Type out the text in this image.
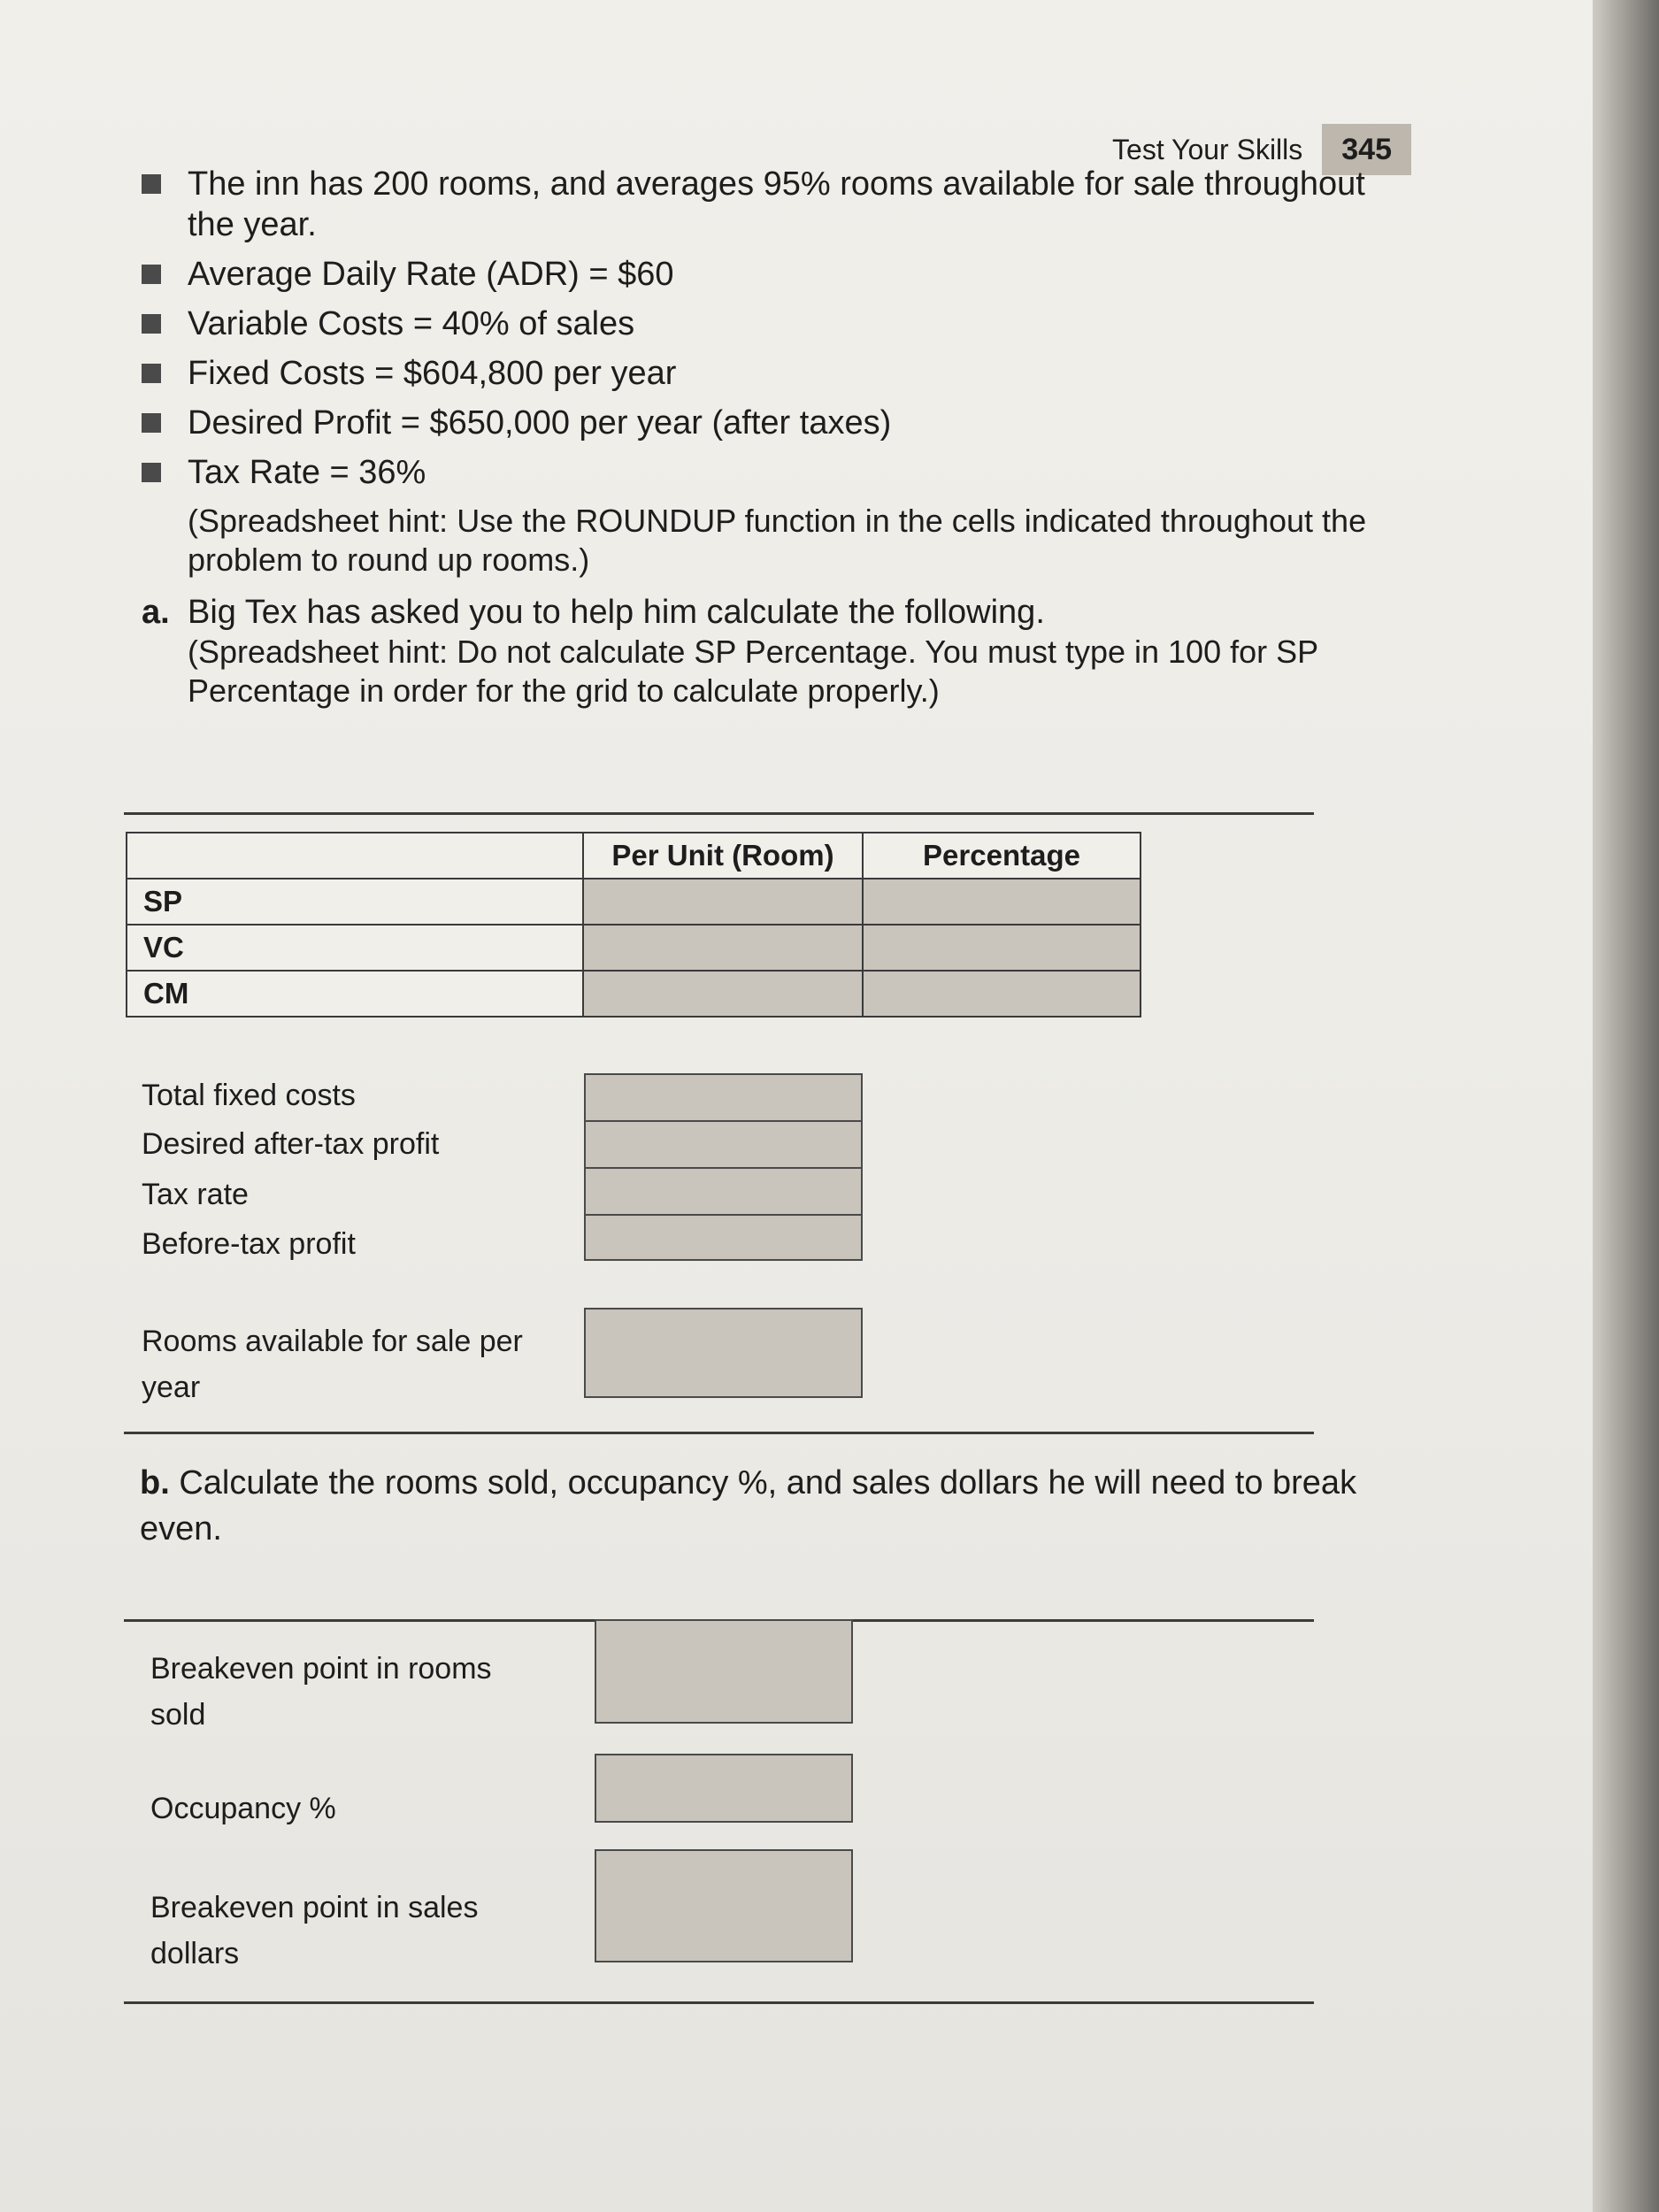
Test Your Skills	345
The inn has 200 rooms, and averages 95% rooms available for sale throughout the year.
Average Daily Rate (ADR) = $60
Variable Costs = 40% of sales
Fixed Costs = $604,800 per year
Desired Profit = $650,000 per year (after taxes)
Tax Rate = 36%
(Spreadsheet hint: Use the ROUNDUP function in the cells indicated throughout the problem to round up rooms.)
a. Big Tex has asked you to help him calculate the following.
(Spreadsheet hint: Do not calculate SP Percentage. You must type in 100 for SP Percentage in order for the grid to calculate properly.)
	Per Unit (Room)	Percentage
SP		
VC		
CM		
Total fixed costs
Desired after-tax profit
Tax rate
Before-tax profit
Rooms available for sale per year
b. Calculate the rooms sold, occupancy %, and sales dollars he will need to break even.
Breakeven point in rooms sold
Occupancy %
Breakeven point in sales dollars
